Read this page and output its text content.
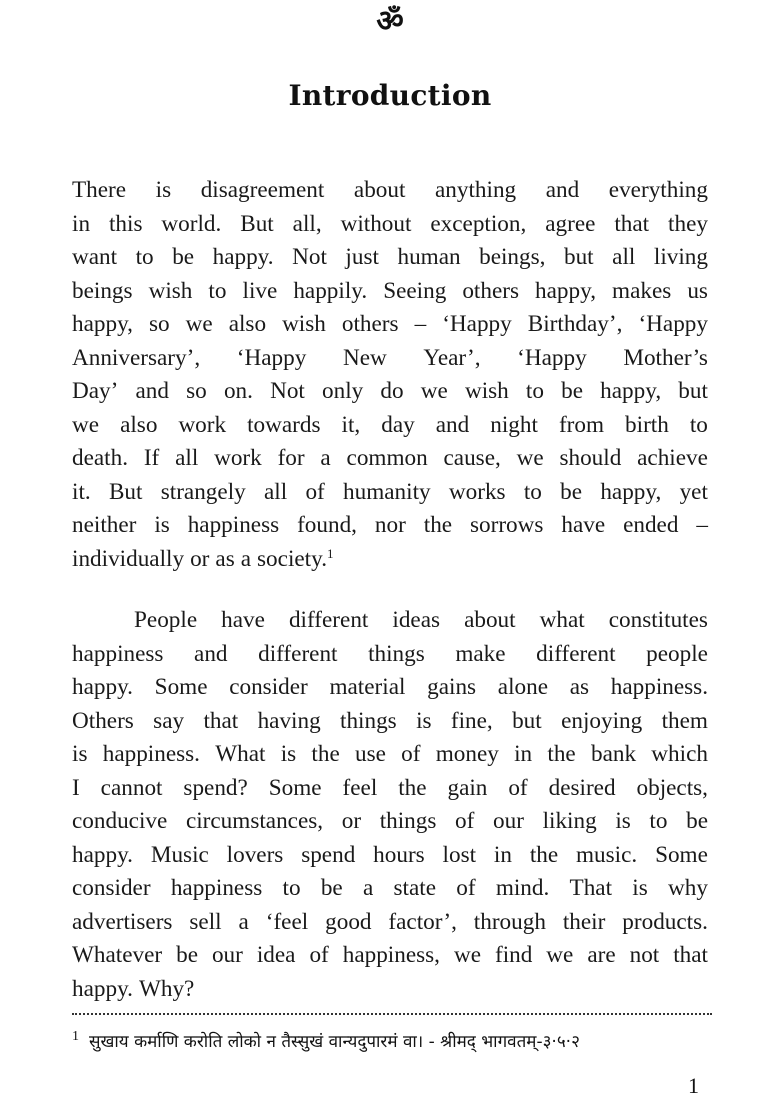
ॐ
Introduction
There is disagreement about anything and everything
in this world. But all, without exception, agree that they
want to be happy. Not just human beings, but all living
beings wish to live happily. Seeing others happy, makes us
happy, so we also wish others – ‘Happy Birthday’, ‘Happy
Anniversary’, ‘Happy New Year’, ‘Happy Mother’s
Day’ and so on. Not only do we wish to be happy, but
we also work towards it, day and night from birth to
death. If all work for a common cause, we should achieve
it. But strangely all of humanity works to be happy, yet
neither is happiness found, nor the sorrows have ended –
individually or as a society.$^1$
People have different ideas about what constitutes
happiness and different things make different people
happy. Some consider material gains alone as happiness.
Others say that having things is fine, but enjoying them
is happiness. What is the use of money in the bank which
I cannot spend? Some feel the gain of desired objects,
conducive circumstances, or things of our liking is to be
happy. Music lovers spend hours lost in the music. Some
consider happiness to be a state of mind. That is why
advertisers sell a ‘feel good factor’, through their products.
Whatever be our idea of happiness, we find we are not that
happy. Why?
$^1$ सुखाय कर्माणि करोति लोको न तैस्सुखं वान्यदुपारमं वा। - श्रीमद् भागवतम्-३·५·२
1
